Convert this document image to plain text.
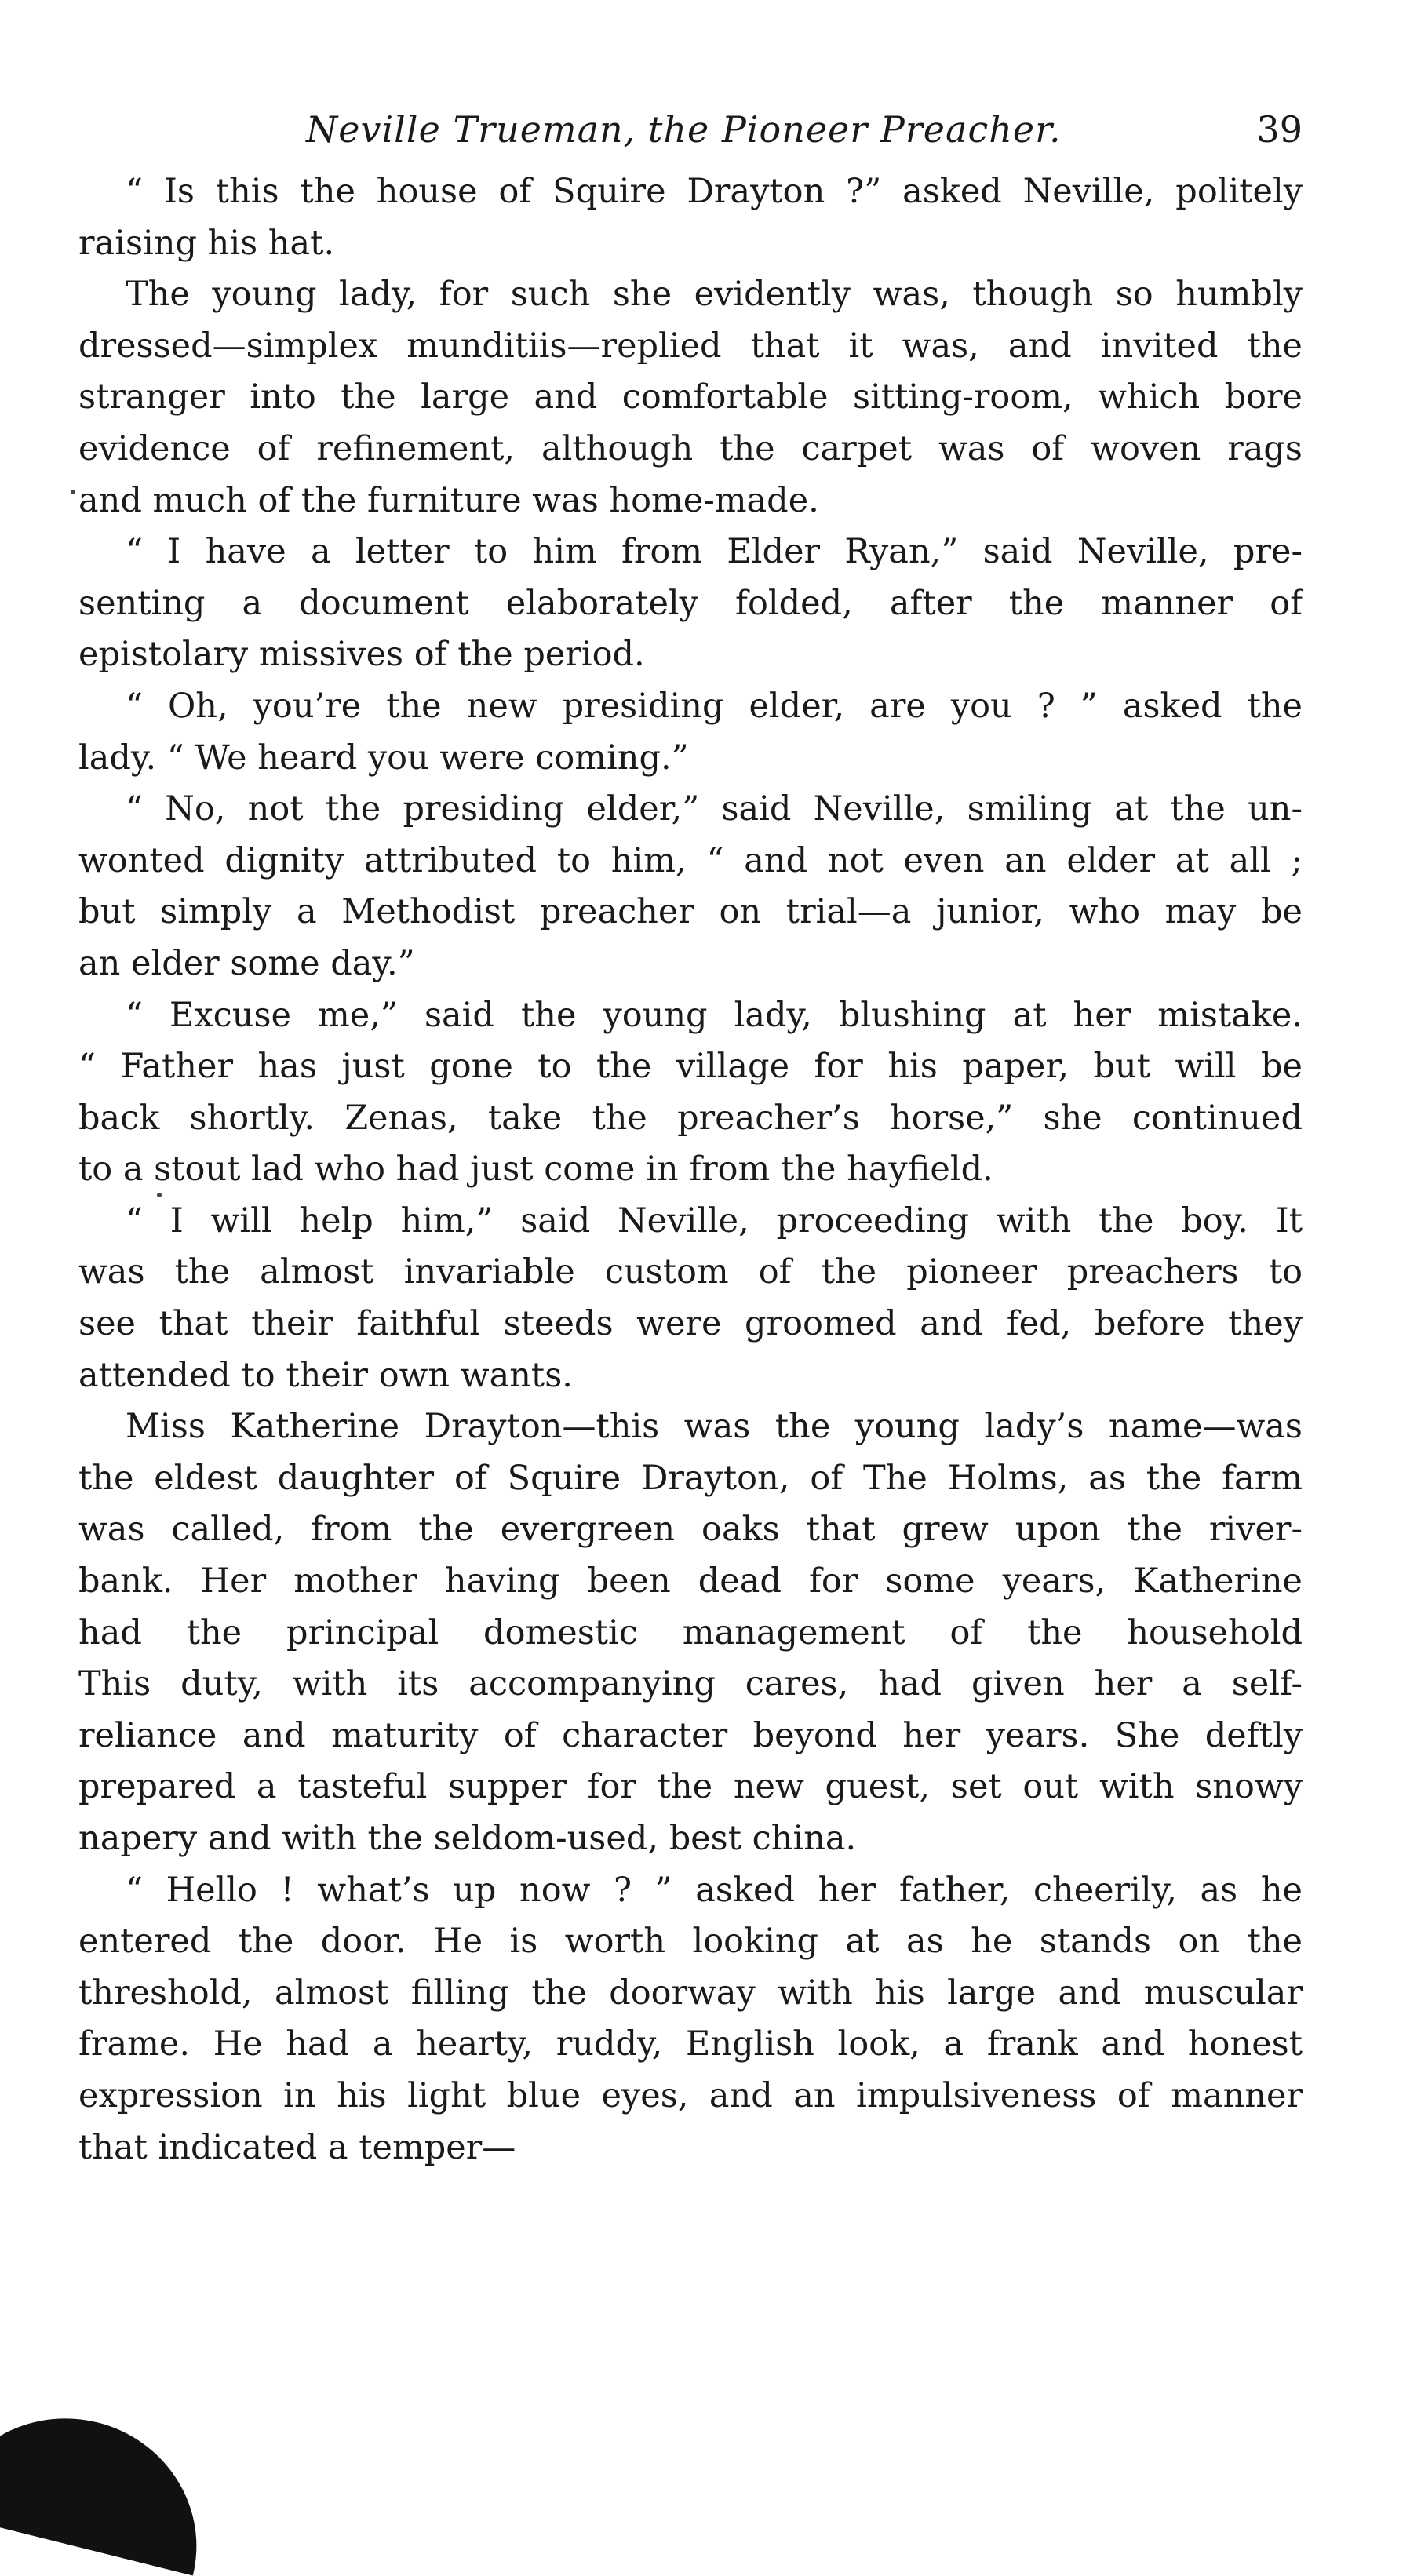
Neville Trueman, the Pioneer Preacher.	39
“ Is this the house of Squire Drayton ?” asked Neville, politely
raising his hat.
The young lady, for such she evidently was, though so humbly
dressed—simplex munditiis—replied that it was, and invited the
stranger into the large and comfortable sitting-room, which bore
evidence of refinement, although the carpet was of woven rags
and much of the furniture was home-made.
“ I have a letter to him from Elder Ryan,” said Neville, pre-
senting a document elaborately folded, after the manner of
epistolary missives of the period.
“ Oh, you’re the new presiding elder, are you ? ” asked the
lady. “ We heard you were coming.”
“ No, not the presiding elder,” said Neville, smiling at the un-
wonted dignity attributed to him, “ and not even an elder at all ;
but simply a Methodist preacher on trial—a junior, who may be
an elder some day.”
“ Excuse me,” said the young lady, blushing at her mistake.
“ Father has just gone to the village for his paper, but will be
back shortly. Zenas, take the preacher’s horse,” she continued
to a stout lad who had just come in from the hayfield.
“ I will help him,” said Neville, proceeding with the boy. It
was the almost invariable custom of the pioneer preachers to
see that their faithful steeds were groomed and fed, before they
attended to their own wants.
Miss Katherine Drayton—this was the young lady’s name—was
the eldest daughter of Squire Drayton, of The Holms, as the farm
was called, from the evergreen oaks that grew upon the river-
bank. Her mother having been dead for some years, Katherine
had the principal domestic management of the household
This duty, with its accompanying cares, had given her a self-
reliance and maturity of character beyond her years. She deftly
prepared a tasteful supper for the new guest, set out with snowy
napery and with the seldom-used, best china.
“ Hello ! what’s up now ? ” asked her father, cheerily, as he
entered the door. He is worth looking at as he stands on the
threshold, almost filling the doorway with his large and muscular
frame. He had a hearty, ruddy, English look, a frank and honest
expression in his light blue eyes, and an impulsiveness of manner
that indicated a temper—
